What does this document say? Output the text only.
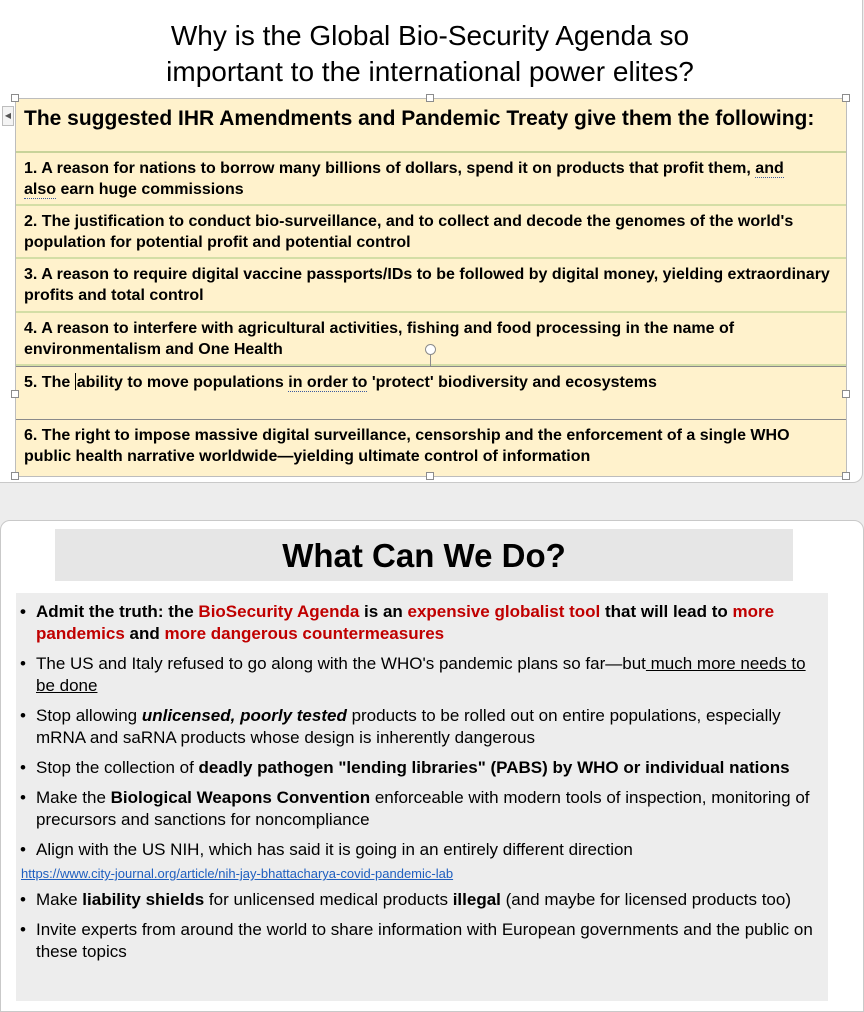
Why is the Global Bio-Security Agenda so
important to the international power elites?
◀ The suggested IHR Amendments and Pandemic Treaty give them the following:
1. A reason for nations to borrow many billions of dollars, spend it on products that profit them, and
also earn huge commissions
2. The justification to conduct bio-surveillance, and to collect and decode the genomes of the world's population for potential profit and potential control
3. A reason to require digital vaccine passports/IDs to be followed by digital money, yielding extraordinary profits and total control
4. A reason to interfere with agricultural activities, fishing and food processing in the name of environmentalism and One Health
5. The ability to move populations in order to 'protect' biodiversity and ecosystems
6. The right to impose massive digital surveillance, censorship and the enforcement of a single WHO public health narrative worldwide—yielding ultimate control of information
What Can We Do?
• Admit the truth: the BioSecurity Agenda is an expensive globalist tool that will lead to more pandemics and more dangerous countermeasures
• The US and Italy refused to go along with the WHO's pandemic plans so far—but much more needs to be done
• Stop allowing unlicensed, poorly tested products to be rolled out on entire populations, especially mRNA and saRNA products whose design is inherently dangerous
• Stop the collection of deadly pathogen "lending libraries" (PABS) by WHO or individual nations
• Make the Biological Weapons Convention enforceable with modern tools of inspection, monitoring of precursors and sanctions for noncompliance
• Align with the US NIH, which has said it is going in an entirely different direction
https://www.city-journal.org/article/nih-jay-bhattacharya-covid-pandemic-lab
• Make liability shields for unlicensed medical products illegal (and maybe for licensed products too)
• Invite experts from around the world to share information with European governments and the public on these topics
